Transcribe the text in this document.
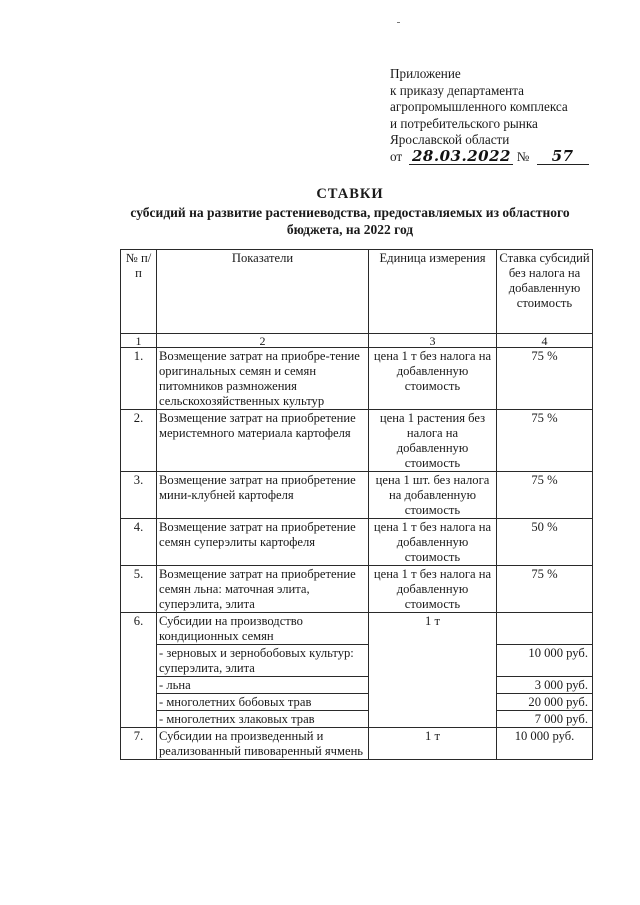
Приложение
к приказу департамента
агропромышленного комплекса
и потребительского рынка
Ярославской области
от 28.03.2022 № 57
СТАВКИ
субсидий на развитие растениеводства, предоставляемых из областного
бюджета, на 2022 год
№ п/п	Показатели	Единица измерения	Ставка субсидий без налога на добавленную стоимость
1	2	3	4
1.	Возмещение затрат на приобре-тение оригинальных семян и семян питомников размножения сельскохозяйственных культур	цена 1 т без налога на добавленную стоимость	75 %
2.	Возмещение затрат на приобретение меристемного материала картофеля	цена 1 растения без налога на добавленную стоимость	75 %
3.	Возмещение затрат на приобретение мини-клубней картофеля	цена 1 шт. без налога на добавленную стоимость	75 %
4.	Возмещение затрат на приобретение семян суперэлиты картофеля	цена 1 т без налога на добавленную стоимость	50 %
5.	Возмещение затрат на приобретение семян льна: маточная элита, суперэлита, элита	цена 1 т без налога на добавленную стоимость	75 %
6.	Субсидии на производство кондиционных семян	1 т	
	- зерновых и зернобобовых культур: суперэлита, элита		10 000 руб.
	- льна		3 000 руб.
	- многолетних бобовых трав		20 000 руб.
	- многолетних злаковых трав		7 000 руб.
7.	Субсидии на произведенный и реализованный пивоваренный ячмень	1 т	10 000 руб.
